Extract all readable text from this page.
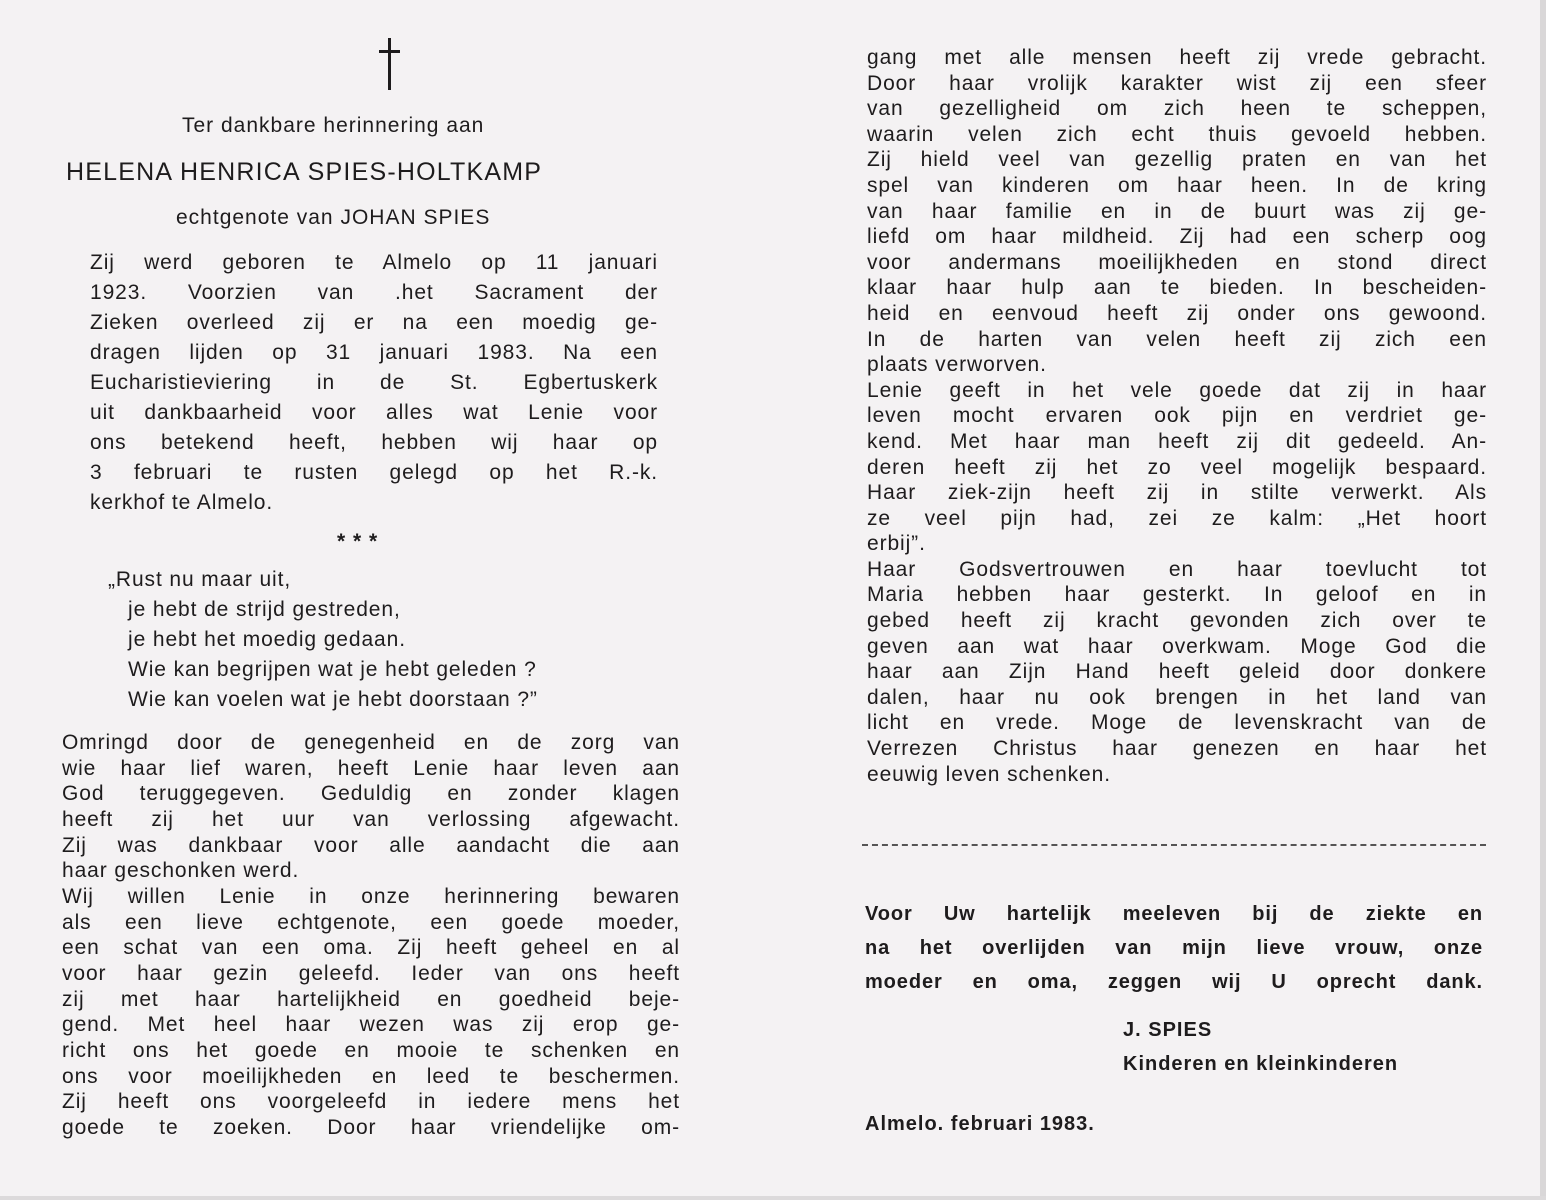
Ter dankbare herinnering aan
HELENA HENRICA SPIES-HOLTKAMP
echtgenote van JOHAN SPIES
Zij werd geboren te Almelo op 11 januari
1923. Voorzien van .het Sacrament der
Zieken overleed zij er na een moedig ge-
dragen lijden op 31 januari 1983. Na een
Eucharistieviering in de St. Egbertuskerk
uit dankbaarheid voor alles wat Lenie voor
ons betekend heeft, hebben wij haar op
3 februari te rusten gelegd op het R.-k.
kerkhof te Almelo.
* * *
„Rust nu maar uit,
je hebt de strijd gestreden,
je hebt het moedig gedaan.
Wie kan begrijpen wat je hebt geleden ?
Wie kan voelen wat je hebt doorstaan ?”
Omringd door de genegenheid en de zorg van
wie haar lief waren, heeft Lenie haar leven aan
God teruggegeven. Geduldig en zonder klagen
heeft zij het uur van verlossing afgewacht.
Zij was dankbaar voor alle aandacht die aan
haar geschonken werd.
Wij willen Lenie in onze herinnering bewaren
als een lieve echtgenote, een goede moeder,
een schat van een oma. Zij heeft geheel en al
voor haar gezin geleefd. Ieder van ons heeft
zij met haar hartelijkheid en goedheid beje-
gend. Met heel haar wezen was zij erop ge-
richt ons het goede en mooie te schenken en
ons voor moeilijkheden en leed te beschermen.
Zij heeft ons voorgeleefd in iedere mens het
goede te zoeken. Door haar vriendelijke om-
gang met alle mensen heeft zij vrede gebracht.
Door haar vrolijk karakter wist zij een sfeer
van gezelligheid om zich heen te scheppen,
waarin velen zich echt thuis gevoeld hebben.
Zij hield veel van gezellig praten en van het
spel van kinderen om haar heen. In de kring
van haar familie en in de buurt was zij ge-
liefd om haar mildheid. Zij had een scherp oog
voor andermans moeilijkheden en stond direct
klaar haar hulp aan te bieden. In bescheiden-
heid en eenvoud heeft zij onder ons gewoond.
In de harten van velen heeft zij zich een
plaats verworven.
Lenie geeft in het vele goede dat zij in haar
leven mocht ervaren ook pijn en verdriet ge-
kend. Met haar man heeft zij dit gedeeld. An-
deren heeft zij het zo veel mogelijk bespaard.
Haar ziek-zijn heeft zij in stilte verwerkt. Als
ze veel pijn had, zei ze kalm: „Het hoort
erbij”.
Haar Godsvertrouwen en haar toevlucht tot
Maria hebben haar gesterkt. In geloof en in
gebed heeft zij kracht gevonden zich over te
geven aan wat haar overkwam. Moge God die
haar aan Zijn Hand heeft geleid door donkere
dalen, haar nu ook brengen in het land van
licht en vrede. Moge de levenskracht van de
Verrezen Christus haar genezen en haar het
eeuwig leven schenken.
Voor Uw hartelijk meeleven bij de ziekte en
na het overlijden van mijn lieve vrouw, onze
moeder en oma, zeggen wij U oprecht dank.
J. SPIES
Kinderen en kleinkinderen
Almelo. februari 1983.
